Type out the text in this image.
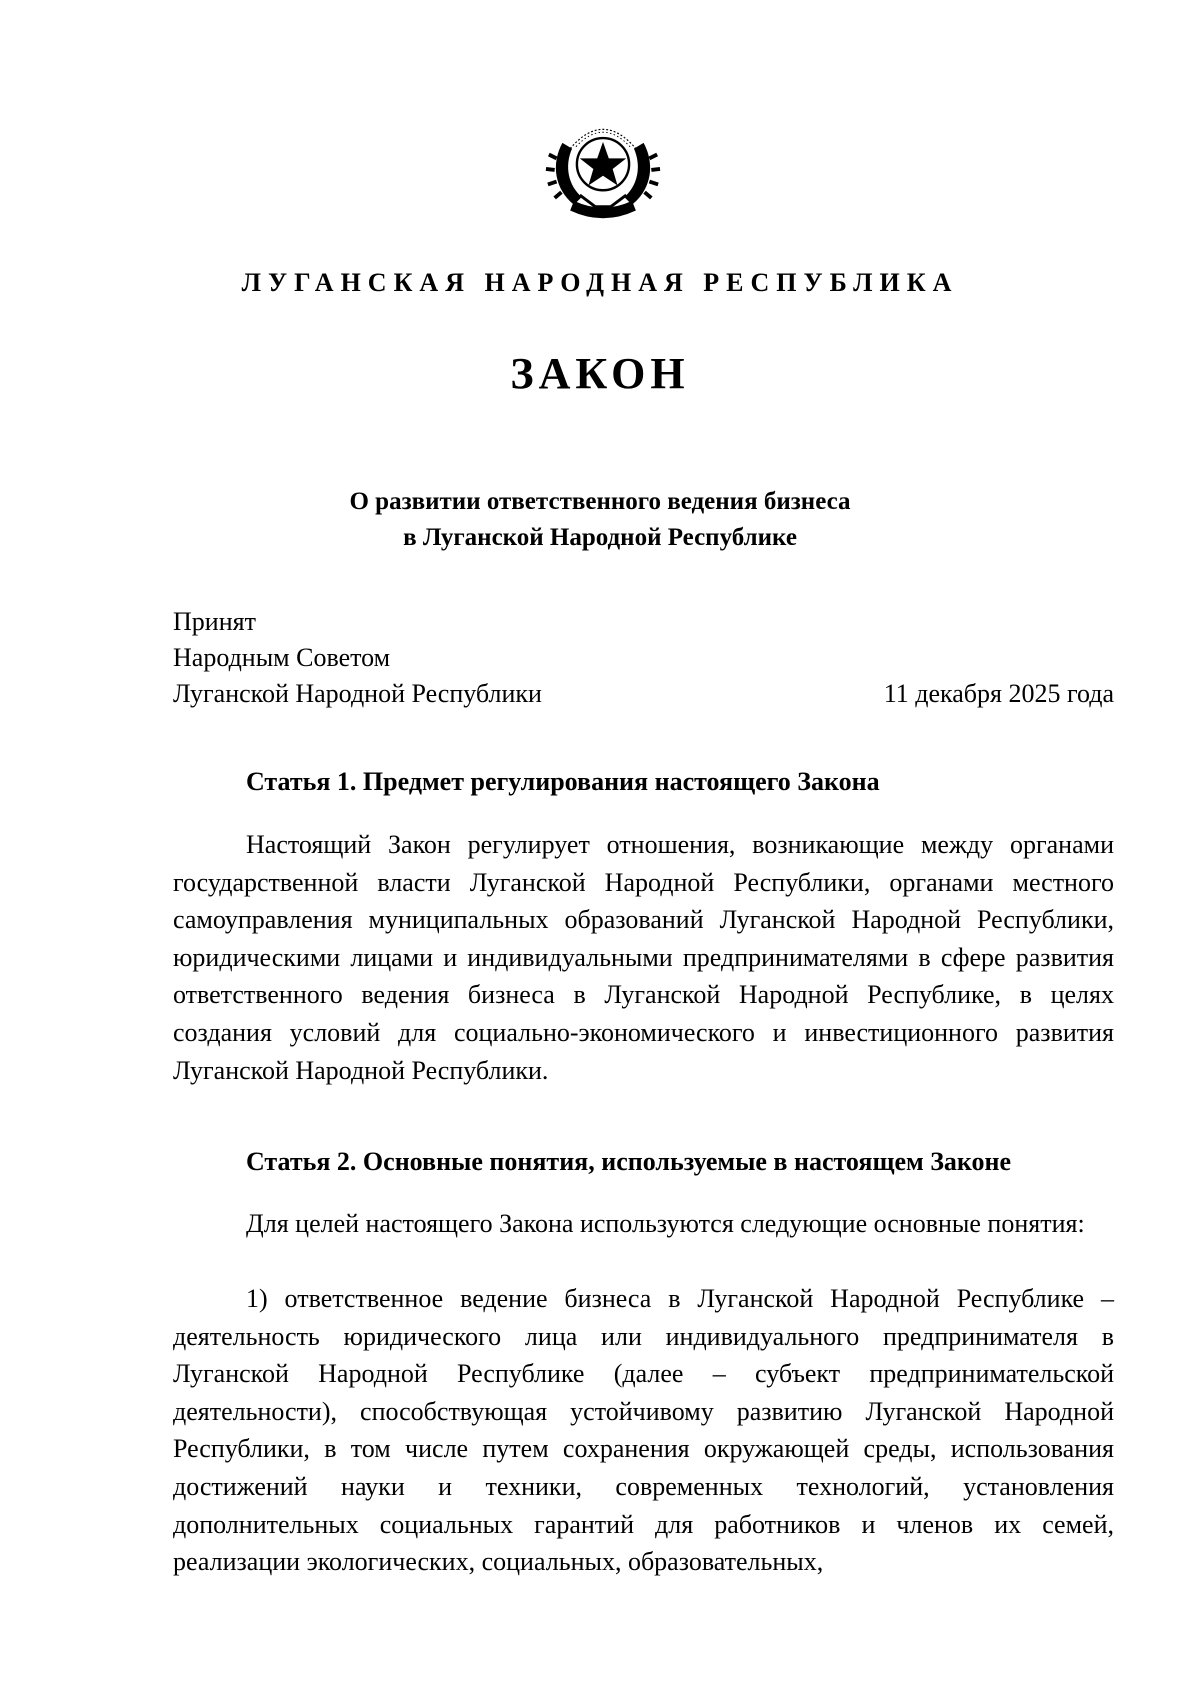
ЛУГАНСКАЯ НАРОДНАЯ РЕСПУБЛИКА
ЗАКОН
О развитии ответственного ведения бизнеса
в Луганской Народной Республике
Принят
Народным Советом
Луганской Народной Республики	11 декабря 2025 года
Статья 1. Предмет регулирования настоящего Закона
Настоящий Закон регулирует отношения, возникающие между органами государственной власти Луганской Народной Республики, органами местного самоуправления муниципальных образований Луганской Народной Республики, юридическими лицами и индивидуальными предпринимателями в сфере развития ответственного ведения бизнеса в Луганской Народной Республике, в целях создания условий для социально-экономического и инвестиционного развития Луганской Народной Республики.
Статья 2. Основные понятия, используемые в настоящем Законе
Для целей настоящего Закона используются следующие основные понятия:
1) ответственное ведение бизнеса в Луганской Народной Республике – деятельность юридического лица или индивидуального предпринимателя в Луганской Народной Республике (далее – субъект предпринимательской деятельности), способствующая устойчивому развитию Луганской Народной Республики, в том числе путем сохранения окружающей среды, использования достижений науки и техники, современных технологий, установления дополнительных социальных гарантий для работников и членов их семей, реализации экологических, социальных, образовательных,
